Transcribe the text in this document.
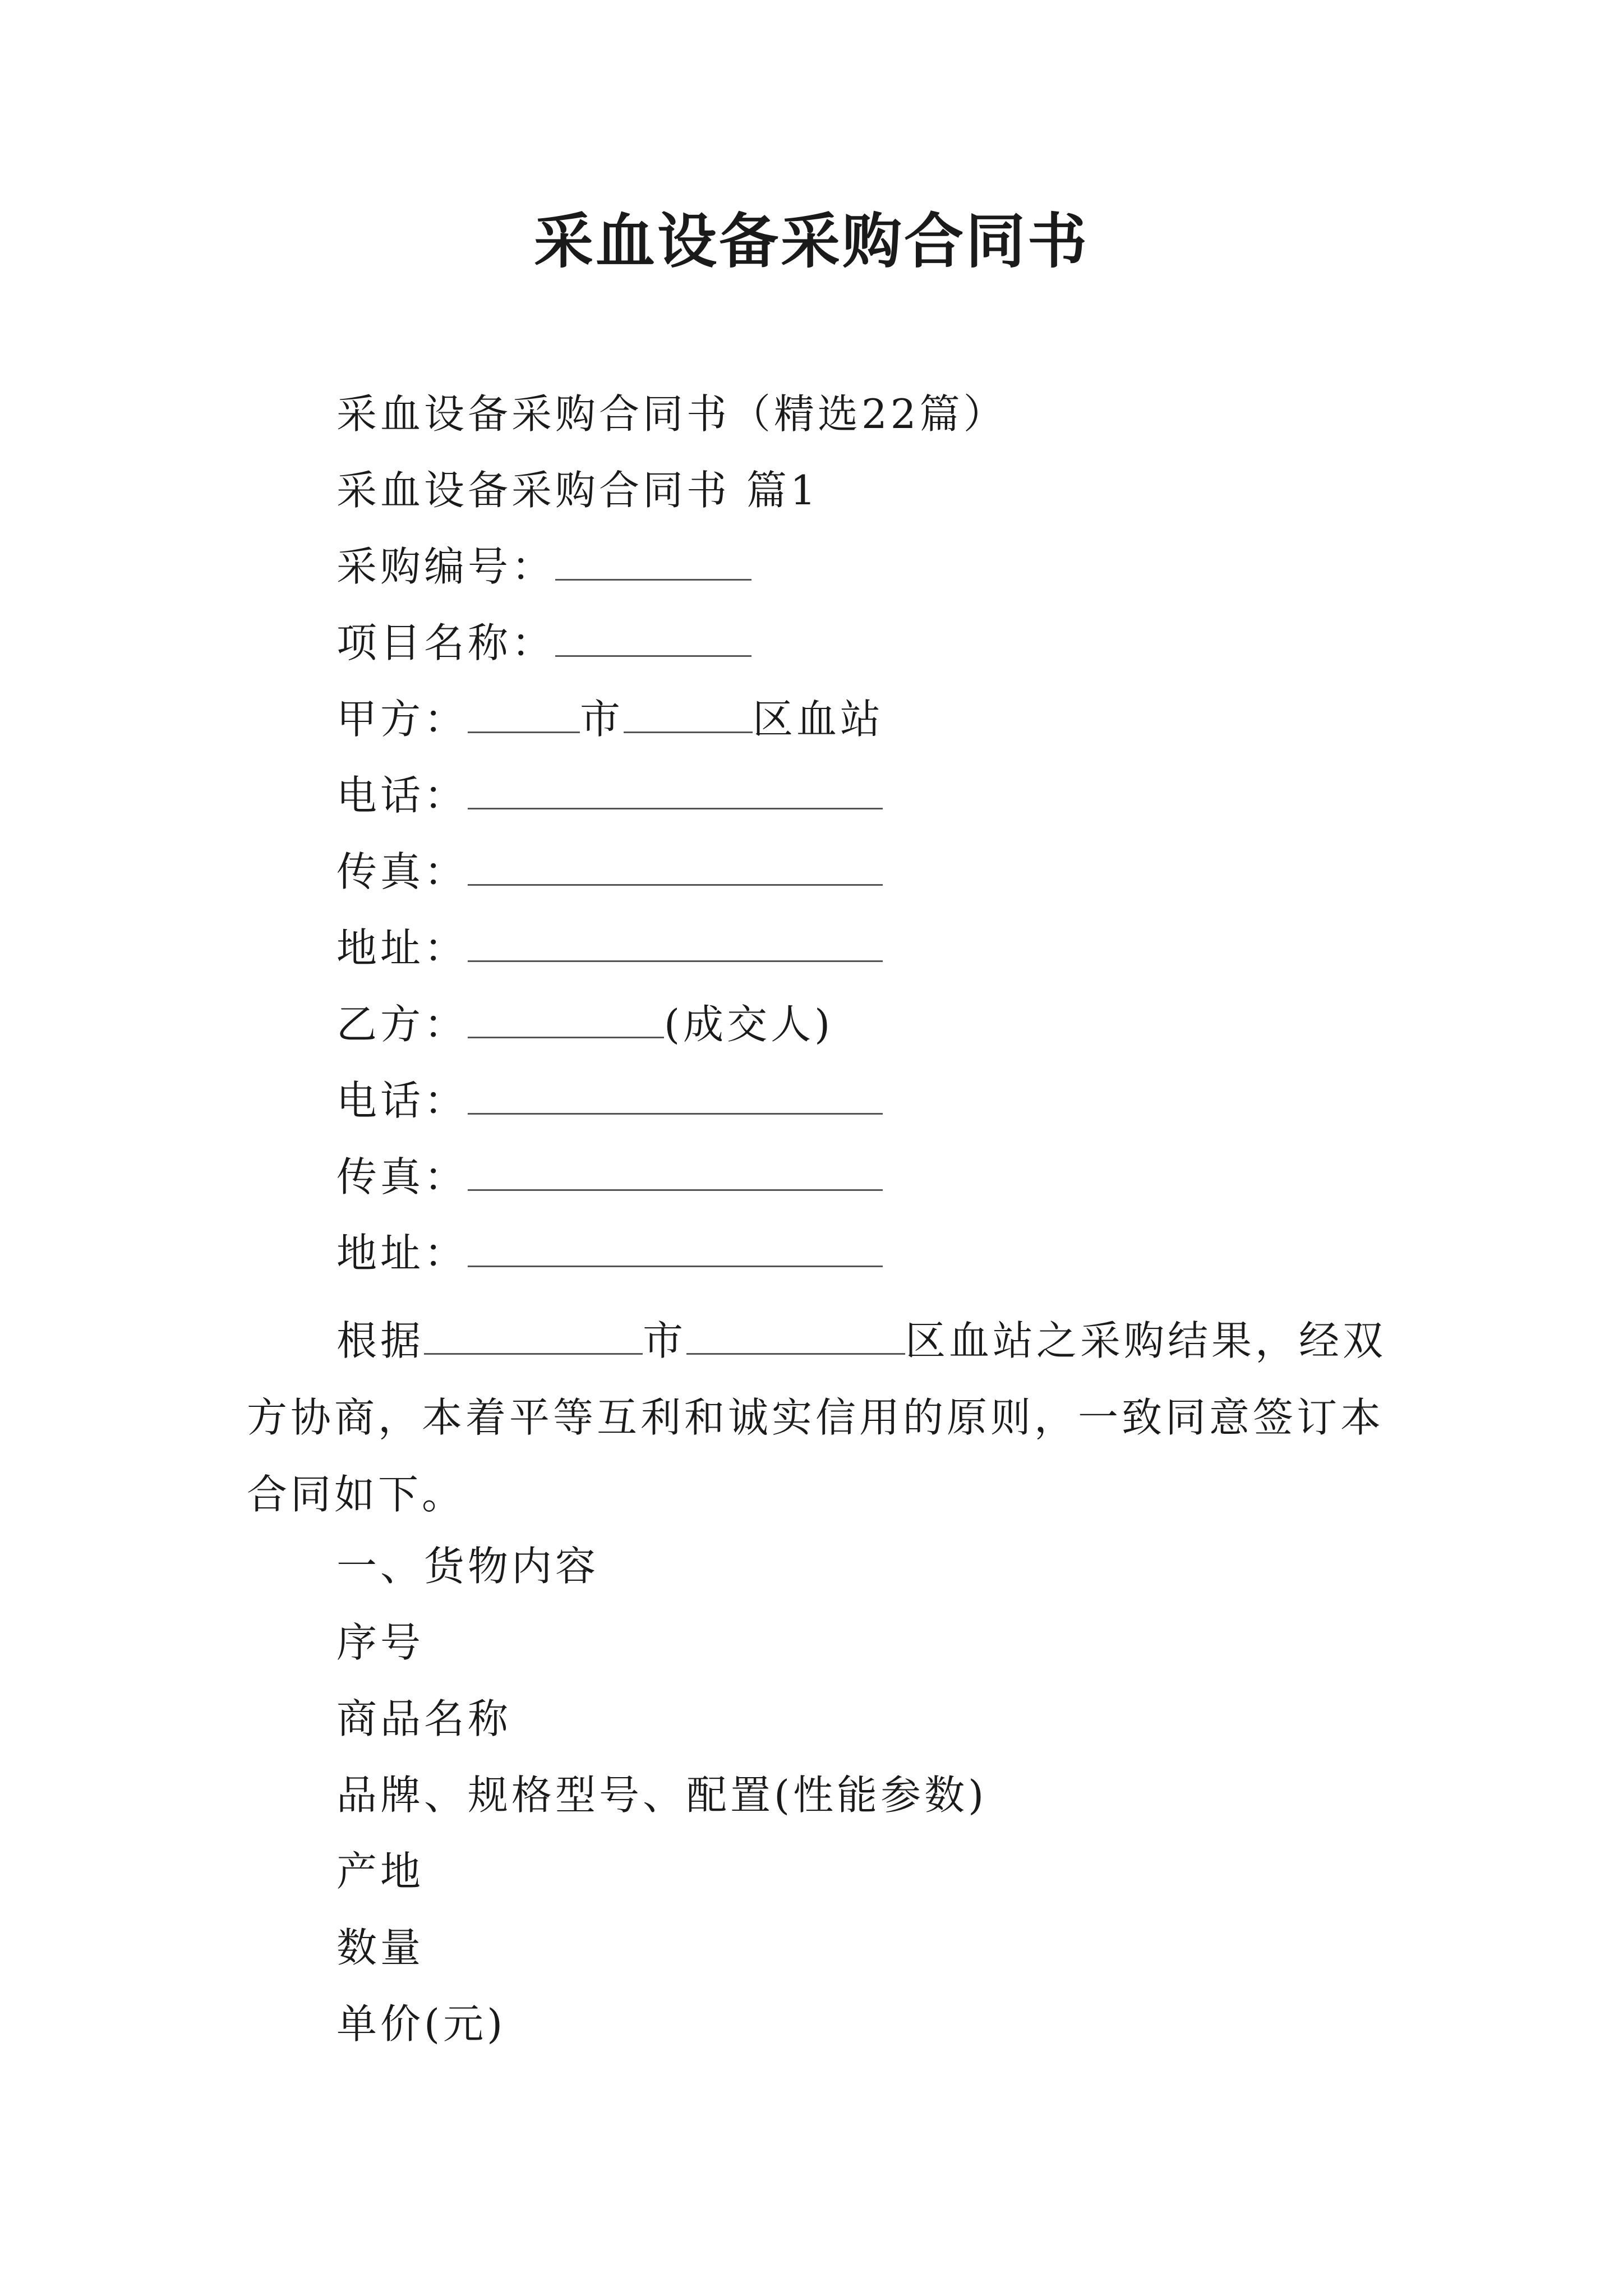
采血设备采购合同书
采血设备采购合同书（精选22篇）
采血设备采购合同书 篇1
采购编号：
项目名称：
甲方：	市	区血站
电话：
传真：
地址：
乙方：	(成交人)
电话：
传真：
地址：
根据	市	区血站之采购结果，经双方协商，本着平等互利和诚实信用的原则，一致同意签订本合同如下。
一、货物内容
序号
商品名称
品牌、规格型号、配置(性能参数)
产地
数量
单价(元)
